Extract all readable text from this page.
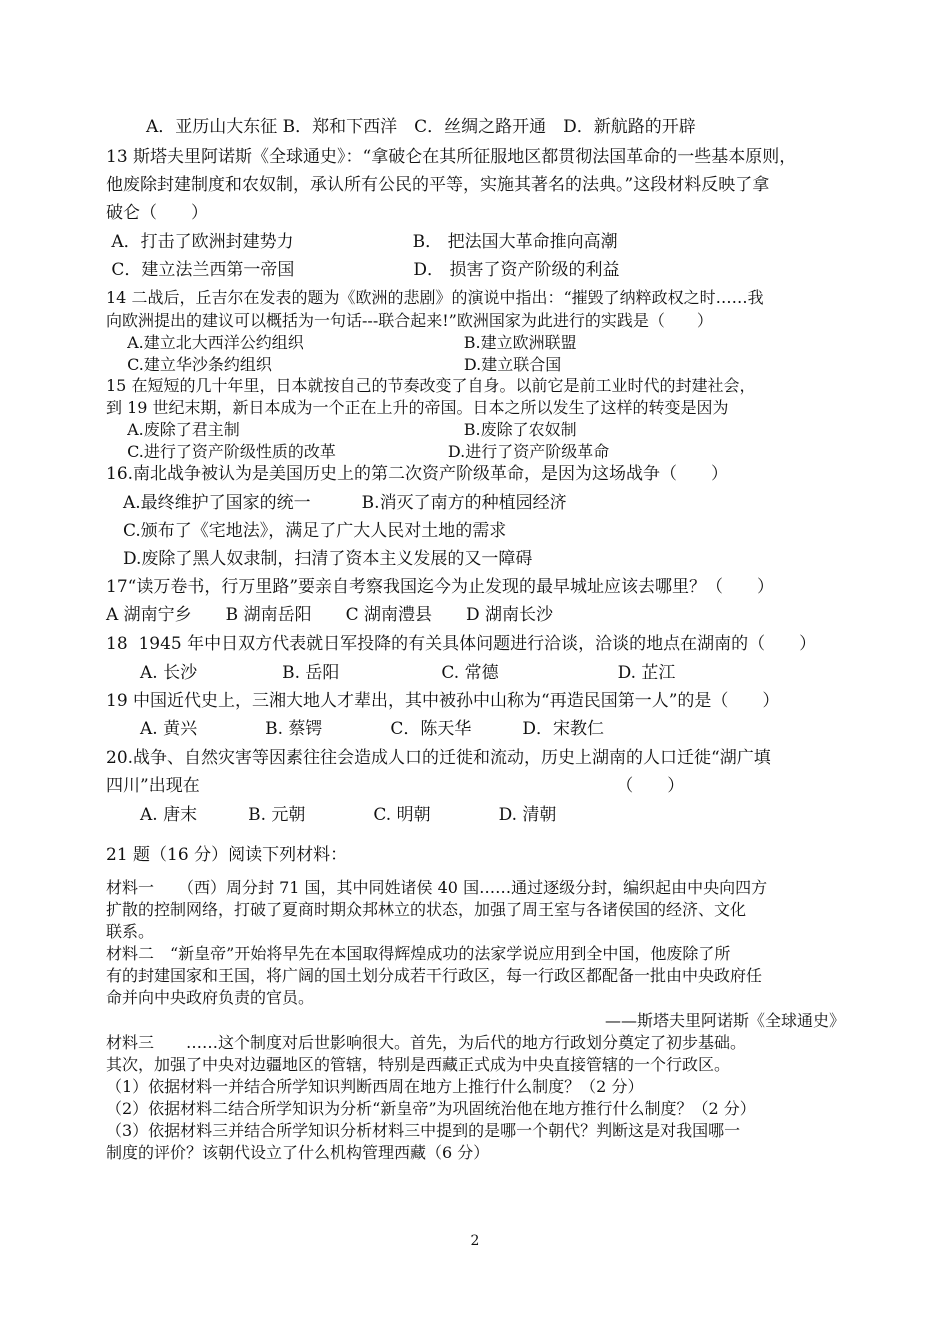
　　A．亚历山大东征 B．郑和下西洋　C．丝绸之路开通　D．新航路的开辟
13 斯塔夫里阿诺斯《全球通史》：“拿破仑在其所征服地区都贯彻法国革命的一些基本原则，
他废除封建制度和农奴制，承认所有公民的平等，实施其著名的法典。”这段材料反映了拿
破仑（　　）
A．打击了欧洲封建势力　　　　　　　B． 把法国大革命推向高潮
C．建立法兰西第一帝国　　　　　　　D． 损害了资产阶级的利益
14 二战后，丘吉尔在发表的题为《欧洲的悲剧》的演说中指出：“摧毁了纳粹政权之时……我
向欧洲提出的建议可以概括为一句话---联合起来!”欧洲国家为此进行的实践是（　　）
　 A.建立北大西洋公约组织　　　　　　　　　　B.建立欧洲联盟
　 C.建立华沙条约组织　　　　　　　　　　　　D.建立联合国
15 在短短的几十年里，日本就按自己的节奏改变了自身。以前它是前工业时代的封建社会，
到 19 世纪末期，新日本成为一个正在上升的帝国。日本之所以发生了这样的转变是因为
　 A.废除了君主制　　　　　　　　　　　　　　B.废除了农奴制
　 C.进行了资产阶级性质的改革　　　　　　　D.进行了资产阶级革命
16.南北战争被认为是美国历史上的第二次资产阶级革命，是因为这场战争（　　）
　A.最终维护了国家的统一　　　B.消灭了南方的种植园经济
　C.颁布了《宅地法》，满足了广大人民对土地的需求
　D.废除了黑人奴隶制，扫清了资本主义发展的又一障碍
17“读万卷书，行万里路”要亲自考察我国迄今为止发现的最早城址应该去哪里？（　　）
A 湖南宁乡　　B 湖南岳阳　　C 湖南澧县　　D 湖南长沙
18  1945 年中日双方代表就日军投降的有关具体问题进行洽谈，洽谈的地点在湖南的（　　）
　　A. 长沙　　　　　B. 岳阳　　　　　　C. 常德　　　　　　　D. 芷江
19 中国近代史上，三湘大地人才辈出，其中被孙中山称为“再造民国第一人”的是（　　）
　　A. 黄兴　　　　B. 蔡锷　　　　C．陈天华　　　D．宋教仁
20.战争、自然灾害等因素往往会造成人口的迁徙和流动，历史上湖南的人口迁徙“湖广填
四川”出现在　　　　　　　　　　　　　　　　　　　　　　　　　（　　）
　　A. 唐末　　　B. 元朝　　　　C. 明朝　　　　D. 清朝
21 题（16 分）阅读下列材料：
材料一　　（西）周分封 71 国，其中同姓诸侯 40 国……通过逐级分封，编织起由中央向四方
扩散的控制网络，打破了夏商时期众邦林立的状态，加强了周王室与各诸侯国的经济、文化
联系。
材料二　“新皇帝”开始将早先在本国取得辉煌成功的法家学说应用到全中国，他废除了所
有的封建国家和王国，将广阔的国土划分成若干行政区，每一行政区都配备一批由中央政府任
命并向中央政府负责的官员。
——斯塔夫里阿诺斯《全球通史》
材料三　　……这个制度对后世影响很大。首先，为后代的地方行政划分奠定了初步基础。
其次，加强了中央对边疆地区的管辖，特别是西藏正式成为中央直接管辖的一个行政区。
（1）依据材料一并结合所学知识判断西周在地方上推行什么制度？（2 分）
（2）依据材料二结合所学知识为分析“新皇帝”为巩固统治他在地方推行什么制度？（2 分）
（3）依据材料三并结合所学知识分析材料三中提到的是哪一个朝代？判断这是对我国哪一
制度的评价？该朝代设立了什么机构管理西藏（6 分）
2
